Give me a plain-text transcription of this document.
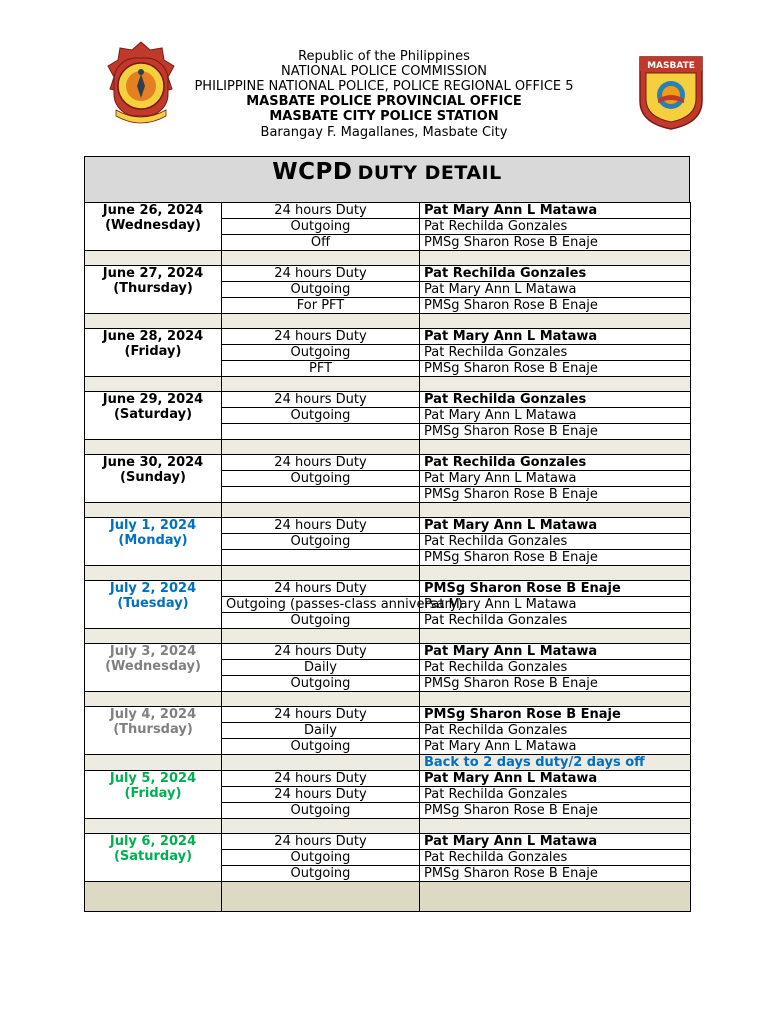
Republic of the Philippines
NATIONAL POLICE COMMISSION
PHILIPPINE NATIONAL POLICE, POLICE REGIONAL OFFICE 5
MASBATE POLICE PROVINCIAL OFFICE
MASBATE CITY POLICE STATION
Barangay F. Magallanes, Masbate City
MASBATE
WCPD DUTY DETAIL
June 26, 2024
(Wednesday)	24 hours Duty	Pat Mary Ann L Matawa
	Outgoing	Pat Rechilda Gonzales
	Off	PMSg Sharon Rose B Enaje

June 27, 2024
(Thursday)	24 hours Duty	Pat Rechilda Gonzales
	Outgoing	Pat Mary Ann L Matawa
	For PFT	PMSg Sharon Rose B Enaje

June 28, 2024
(Friday)	24 hours Duty	Pat Mary Ann L Matawa
	Outgoing	Pat Rechilda Gonzales
	PFT	PMSg Sharon Rose B Enaje

June 29, 2024
(Saturday)	24 hours Duty	Pat Rechilda Gonzales
	Outgoing	Pat Mary Ann L Matawa
		PMSg Sharon Rose B Enaje

June 30, 2024
(Sunday)	24 hours Duty	Pat Rechilda Gonzales
	Outgoing	Pat Mary Ann L Matawa
		PMSg Sharon Rose B Enaje

July 1, 2024
(Monday)	24 hours Duty	Pat Mary Ann L Matawa
	Outgoing	Pat Rechilda Gonzales
		PMSg Sharon Rose B Enaje

July 2, 2024
(Tuesday)	24 hours Duty	PMSg Sharon Rose B Enaje
	Outgoing (passes-class anniversary)	Pat Mary Ann L Matawa
	Outgoing	Pat Rechilda Gonzales

July 3, 2024
(Wednesday)	24 hours Duty	Pat Mary Ann L Matawa
	Daily	Pat Rechilda Gonzales
	Outgoing	PMSg Sharon Rose B Enaje

July 4, 2024
(Thursday)	24 hours Duty	PMSg Sharon Rose B Enaje
	Daily	Pat Rechilda Gonzales
	Outgoing	Pat Mary Ann L Matawa
		Back to 2 days duty/2 days off

July 5, 2024
(Friday)	24 hours Duty	Pat Mary Ann L Matawa
	24 hours Duty	Pat Rechilda Gonzales
	Outgoing	PMSg Sharon Rose B Enaje

July 6, 2024
(Saturday)	24 hours Duty	Pat Mary Ann L Matawa
	Outgoing	Pat Rechilda Gonzales
	Outgoing	PMSg Sharon Rose B Enaje
